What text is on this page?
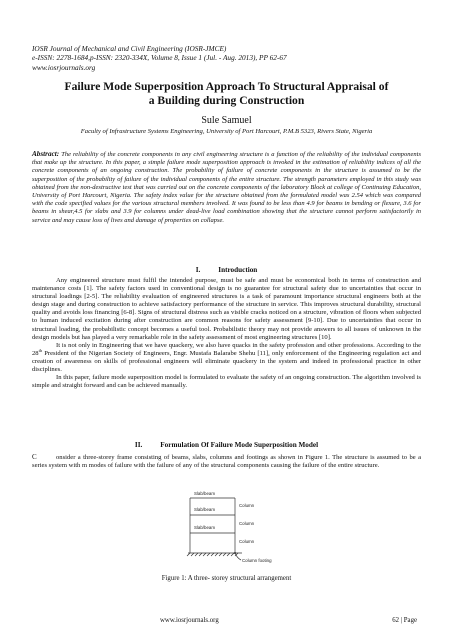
IOSR Journal of Mechanical and Civil Engineering (IOSR-JMCE)
e-ISSN: 2278-1684,p-ISSN: 2320-334X, Volume 8, Issue 1 (Jul. - Aug. 2013), PP 62-67
www.iosrjournals.org
Failure Mode Superposition Approach To Structural Appraisal of
a Building during Construction
Sule Samuel
Faculty of Infrastructure Systems Engineering, University of Port Harcourt, P.M.B 5323, Rivers State, Nigeria
Abstract: The reliability of the concrete components in any civil engineering structure is a function of the reliability of the individual components that make up the structure. In this paper, a simple failure mode superposition approach is invoked in the estimation of reliability indices of all the concrete components of an ongoing construction. The probability of failure of concrete components in the structure is assumed to be the superposition of the probability of failure of the individual components of the entire structure. The strength parameters employed in this study was obtained from the non-destructive test that was carried out on the concrete components of the laboratory Block at college of Continuing Education, University of Port Harcourt, Nigeria. The safety index value for the structure obtained from the formulated model was 2.54 which was compared with the code specified values for the various structural members involved. It was found to be less than 4.9 for beams in bending or flexure, 3.6 for beams in shear,4.5 for slabs and 3.9 for columns under dead-live load combination showing that the structure cannot perform satisfactorily in service and may cause loss of lives and damage of properties on collapse.
I.	Introduction

Any engineered structure must fulfil the intended purpose, must be safe and must be economical both in terms of construction and maintenance costs [1]. The safety factors used in conventional design is no guarantee for structural safety due to uncertainties that occur in structural loadings [2-5]. The reliability evaluation of engineered structures is a task of paramount importance structural engineers both at the design stage and during construction to achieve satisfactory performance of the structure in service. This improves structural durability, structural quality and avoids loss financing [6-8]. Signs of structural distress such as visible cracks noticed on a structure, vibration of floors when subjected to human induced excitation during after construction are common reasons for safety assessment [9-10]. Due to uncertainties that occur in structural loading, the probabilistic concept becomes a useful tool. Probabilistic theory may not provide answers to all issues of unknown in the design models but has played a very remarkable role in the safety assessment of most engineering structures [10].

It is not only in Engineering that we have quackery, we also have quacks in the safety profession and other professions. According to the 28th President of the Nigerian Society of Engineers, Engr. Mustafa Balarabe Shehu [11], only enforcement of the Engineering regulation act and creation of awareness on skills of professional engineers will eliminate quackery in the system and indeed in professional practice in other disciplines.

In this paper, failure mode superposition model is formulated to evaluate the safety of an ongoing construction. The algorithm involved is simple and straight forward and can be achieved manually.

II.	Formulation Of Failure Mode Superposition Model
C	onsider a three-storey frame consisting of beams, slabs, columns and footings as shown in Figure 1. The structure is assumed to be a series system with m modes of failure with the failure of any of the structural components causing the failure of the entire structure.
Slab/beam
Slab/beam
Slab/beam
Column
Column
Column
Column footing
Figure 1: A three- storey structural arrangement
www.iosrjournals.org	62 | Page
